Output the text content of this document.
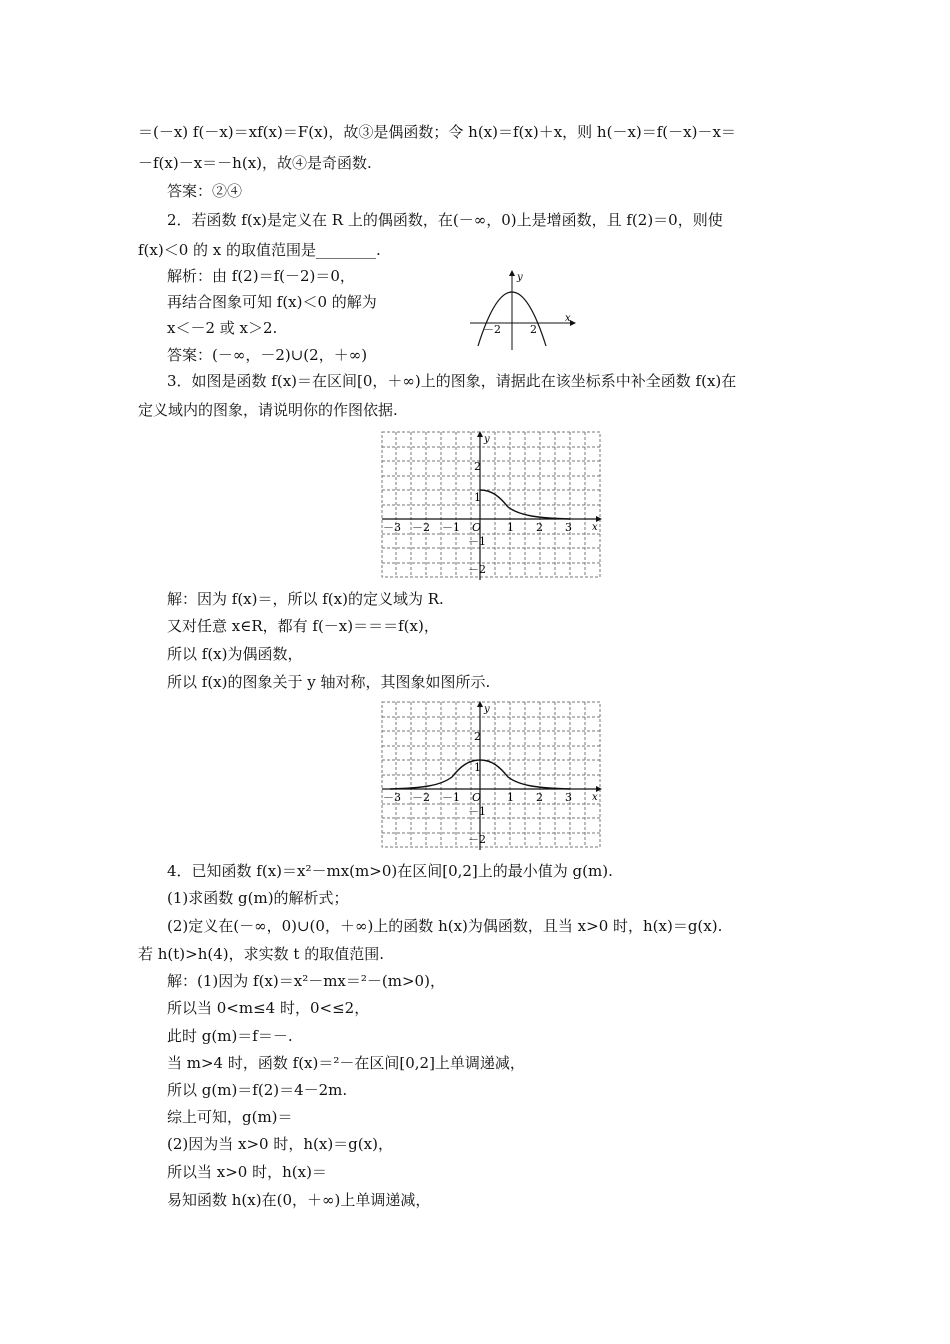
＝(－x) f(－x)＝xf(x)＝F(x)，故③是偶函数；令 h(x)＝f(x)＋x，则 h(－x)＝f(－x)－x＝
－f(x)－x＝－h(x)，故④是奇函数.
答案：②④
2．若函数 f(x)是定义在 R 上的偶函数，在(－∞，0)上是增函数，且 f(2)＝0，则使
f(x)＜0 的 x 的取值范围是________.
解析：由 f(2)＝f(－2)＝0，
再结合图象可知 f(x)＜0 的解为
x＜－2 或 x＞2.
答案：(－∞，－2)∪(2，＋∞)
y
x
－2	2
3．如图是函数 f(x)＝在区间[0，＋∞)上的图象，请据此在该坐标系中补全函数 f(x)在
定义域内的图象，请说明你的作图依据.
y
x
O
－3 －2 －1	1 2 3
2
1
－1
－2
解：因为 f(x)＝，所以 f(x)的定义域为 R.
又对任意 x∈R，都有 f(－x)＝＝＝f(x)，
所以 f(x)为偶函数，
所以 f(x)的图象关于 y 轴对称，其图象如图所示.
y
x
O
－3 －2 －1	1 2 3
2
1
－1
－2
4．已知函数 f(x)＝x²－mx(m>0)在区间[0,2]上的最小值为 g(m).
(1)求函数 g(m)的解析式；
(2)定义在(－∞，0)∪(0，＋∞)上的函数 h(x)为偶函数，且当 x>0 时，h(x)＝g(x).
若 h(t)>h(4)，求实数 t 的取值范围.
解：(1)因为 f(x)＝x²－mx＝²－(m>0)，
所以当 0<m≤4 时，0<≤2，
此时 g(m)＝f＝－.
当 m>4 时，函数 f(x)＝²－在区间[0,2]上单调递减，
所以 g(m)＝f(2)＝4－2m.
综上可知，g(m)＝
(2)因为当 x>0 时，h(x)＝g(x)，
所以当 x>0 时，h(x)＝
易知函数 h(x)在(0，＋∞)上单调递减，
